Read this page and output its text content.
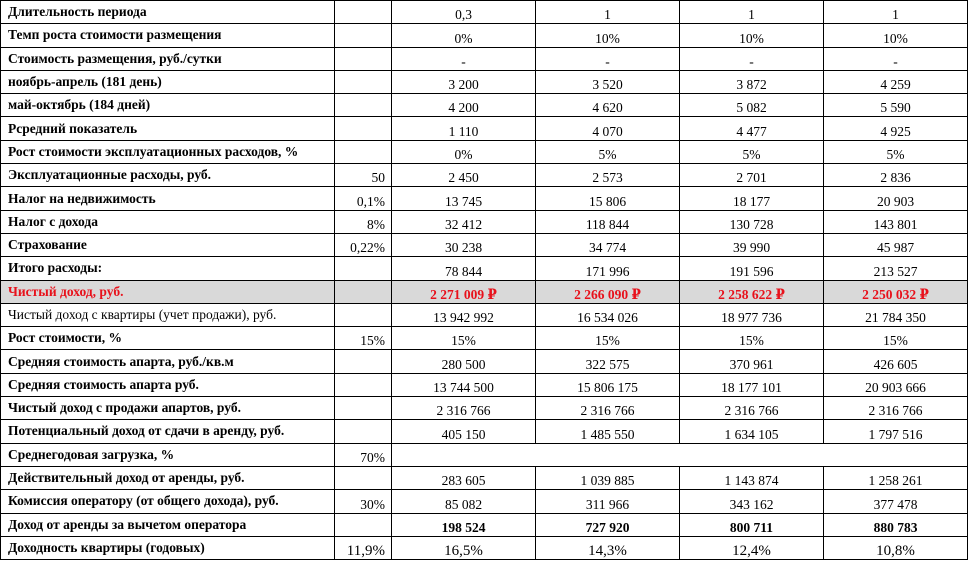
Длительность периода		0,3	1	1	1
Темп роста стоимости размещения		0%	10%	10%	10%
Стоимость размещения, руб./сутки		-	-	-	-
ноябрь-апрель (181 день)		3 200	3 520	3 872	4 259
май-октябрь (184 дней)		4 200	4 620	5 082	5 590
Рсредний показатель		1 110	4 070	4 477	4 925
Рост стоимости эксплуатационных расходов, %		0%	5%	5%	5%
Эксплуатационные расходы, руб.	50	2 450	2 573	2 701	2 836
Налог на недвижимость	0,1%	13 745	15 806	18 177	20 903
Налог с дохода	8%	32 412	118 844	130 728	143 801
Страхование	0,22%	30 238	34 774	39 990	45 987
Итого расходы:		78 844	171 996	191 596	213 527
Чистый доход, руб.		2 271 009 ₽	2 266 090 ₽	2 258 622 ₽	2 250 032 ₽
Чистый доход с квартиры (учет продажи), руб.		13 942 992	16 534 026	18 977 736	21 784 350
Рост стоимости, %	15%	15%	15%	15%	15%
Средняя стоимость апарта, руб./кв.м		280 500	322 575	370 961	426 605
Средняя стоимость апарта руб.		13 744 500	15 806 175	18 177 101	20 903 666
Чистый доход с продажи апартов, руб.		2 316 766	2 316 766	2 316 766	2 316 766
Потенциальный доход от сдачи в аренду, руб.		405 150	1 485 550	1 634 105	1 797 516
Среднегодовая загрузка, %	70%				
Действительный доход от аренды, руб.		283 605	1 039 885	1 143 874	1 258 261
Комиссия оператору (от общего дохода), руб.	30%	85 082	311 966	343 162	377 478
Доход от аренды за вычетом оператора		198 524	727 920	800 711	880 783
Доходность квартиры (годовых)	11,9%	16,5%	14,3%	12,4%	10,8%
